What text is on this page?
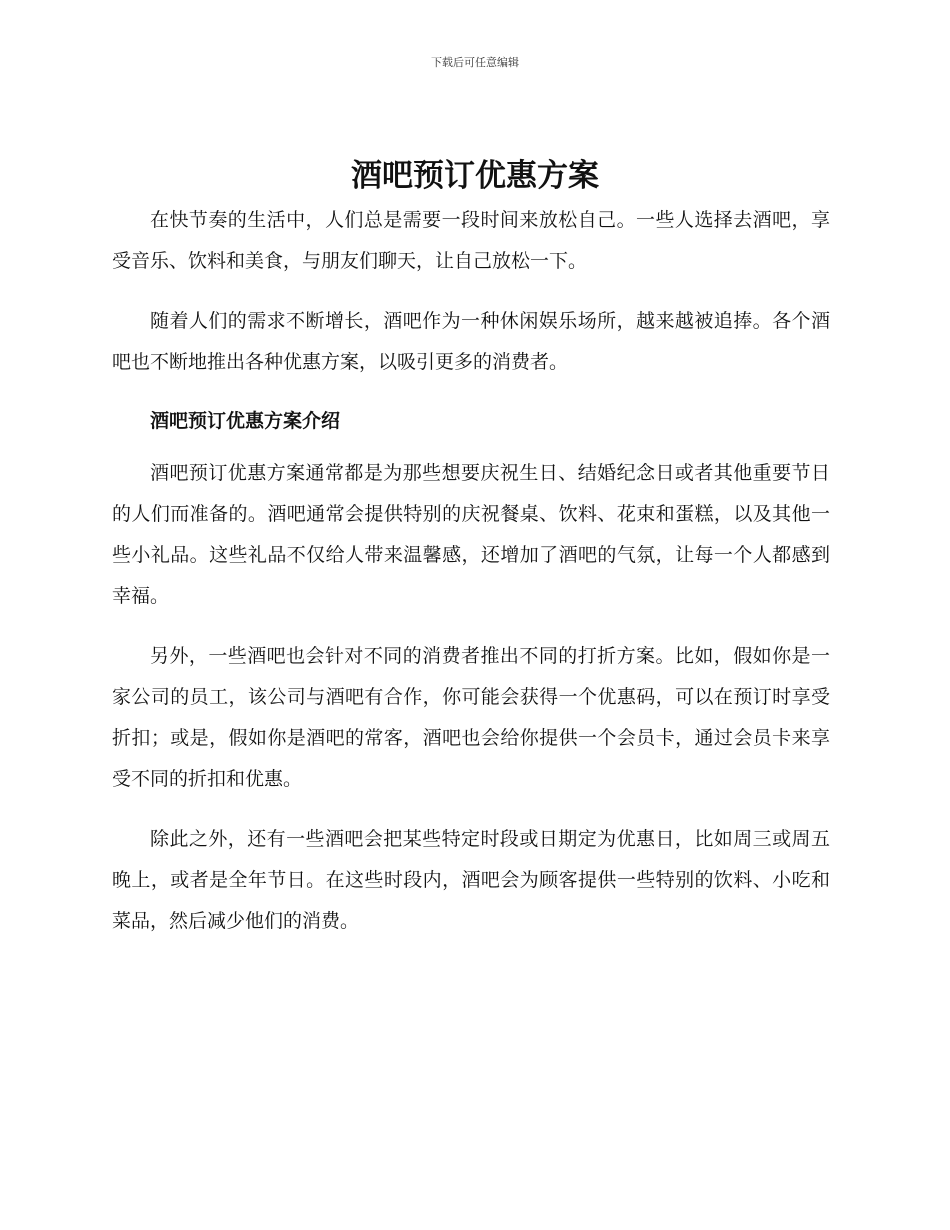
下载后可任意编辑
酒吧预订优惠方案

在快节奏的生活中，人们总是需要一段时间来放松自己。一些人选择去酒吧，享受音乐、饮料和美食，与朋友们聊天，让自己放松一下。

随着人们的需求不断增长，酒吧作为一种休闲娱乐场所，越来越被追捧。各个酒吧也不断地推出各种优惠方案，以吸引更多的消费者。

酒吧预订优惠方案介绍

酒吧预订优惠方案通常都是为那些想要庆祝生日、结婚纪念日或者其他重要节日的人们而准备的。酒吧通常会提供特别的庆祝餐桌、饮料、花束和蛋糕，以及其他一些小礼品。这些礼品不仅给人带来温馨感，还增加了酒吧的气氛，让每一个人都感到幸福。

另外，一些酒吧也会针对不同的消费者推出不同的打折方案。比如，假如你是一家公司的员工，该公司与酒吧有合作，你可能会获得一个优惠码，可以在预订时享受折扣；或是，假如你是酒吧的常客，酒吧也会给你提供一个会员卡，通过会员卡来享受不同的折扣和优惠。

除此之外，还有一些酒吧会把某些特定时段或日期定为优惠日，比如周三或周五晚上，或者是全年节日。在这些时段内，酒吧会为顾客提供一些特别的饮料、小吃和菜品，然后减少他们的消费。
